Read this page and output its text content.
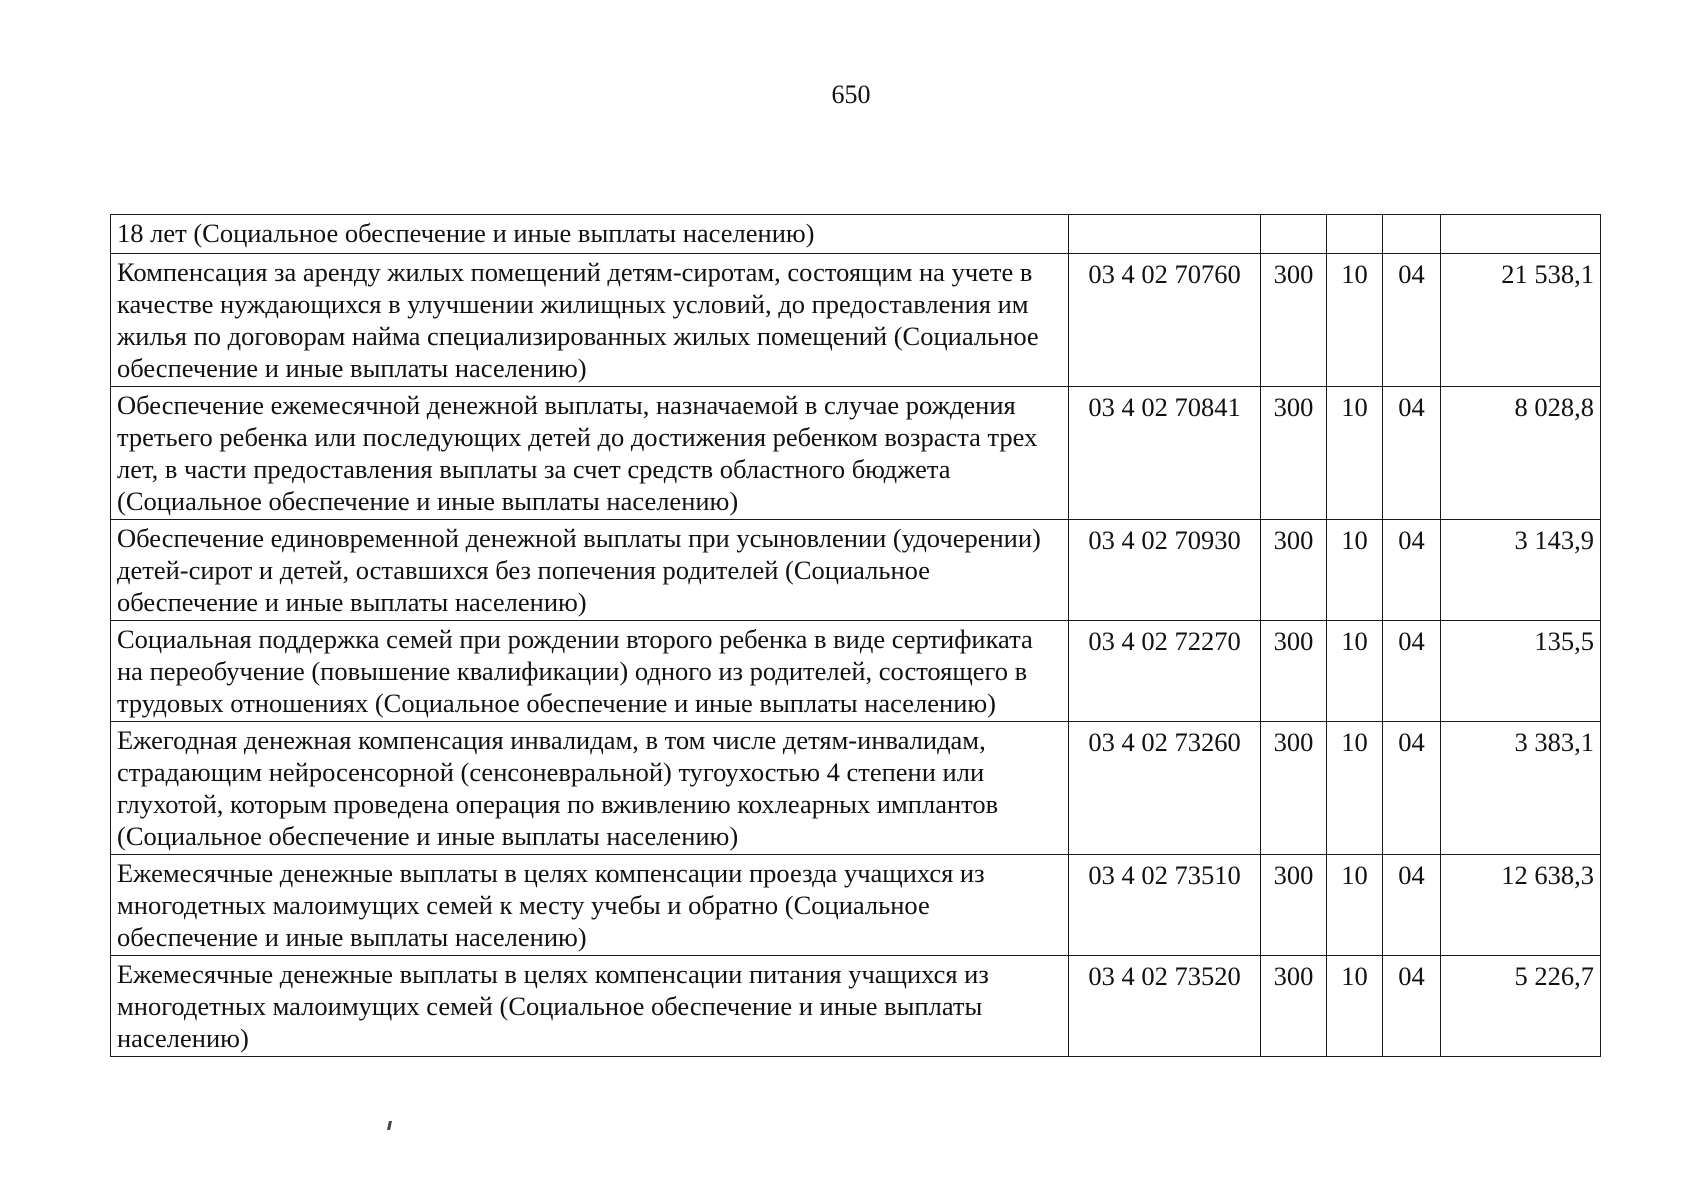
650
18 лет (Социальное обеспечение и иные выплаты населению)					
Компенсация за аренду жилых помещений детям-сиротам, состоящим на учете в качестве нуждающихся в улучшении жилищных условий, до предоставления им жилья по договорам найма специализированных жилых помещений (Социальное обеспечение и иные выплаты населению)	03 4 02 70760	300	10	04	21 538,1
Обеспечение ежемесячной денежной выплаты, назначаемой в случае рождения третьего ребенка или последующих детей до достижения ребенком возраста трех лет, в части предоставления выплаты за счет средств областного бюджета (Социальное обеспечение и иные выплаты населению)	03 4 02 70841	300	10	04	8 028,8
Обеспечение единовременной денежной выплаты при усыновлении (удочерении) детей-сирот и детей, оставшихся без попечения родителей (Социальное обеспечение и иные выплаты населению)	03 4 02 70930	300	10	04	3 143,9
Социальная поддержка семей при рождении второго ребенка в виде сертификата на переобучение (повышение квалификации) одного из родителей, состоящего в трудовых отношениях (Социальное обеспечение и иные выплаты населению)	03 4 02 72270	300	10	04	135,5
Ежегодная денежная компенсация инвалидам, в том числе детям-инвалидам, страдающим нейросенсорной (сенсоневральной) тугоухостью 4 степени или глухотой, которым проведена операция по вживлению кохлеарных имплантов (Социальное обеспечение и иные выплаты населению)	03 4 02 73260	300	10	04	3 383,1
Ежемесячные денежные выплаты в целях компенсации проезда учащихся из многодетных малоимущих семей к месту учебы и обратно (Социальное обеспечение и иные выплаты населению)	03 4 02 73510	300	10	04	12 638,3
Ежемесячные денежные выплаты в целях компенсации питания учащихся из многодетных малоимущих семей (Социальное обеспечение и иные выплаты населению)	03 4 02 73520	300	10	04	5 226,7
